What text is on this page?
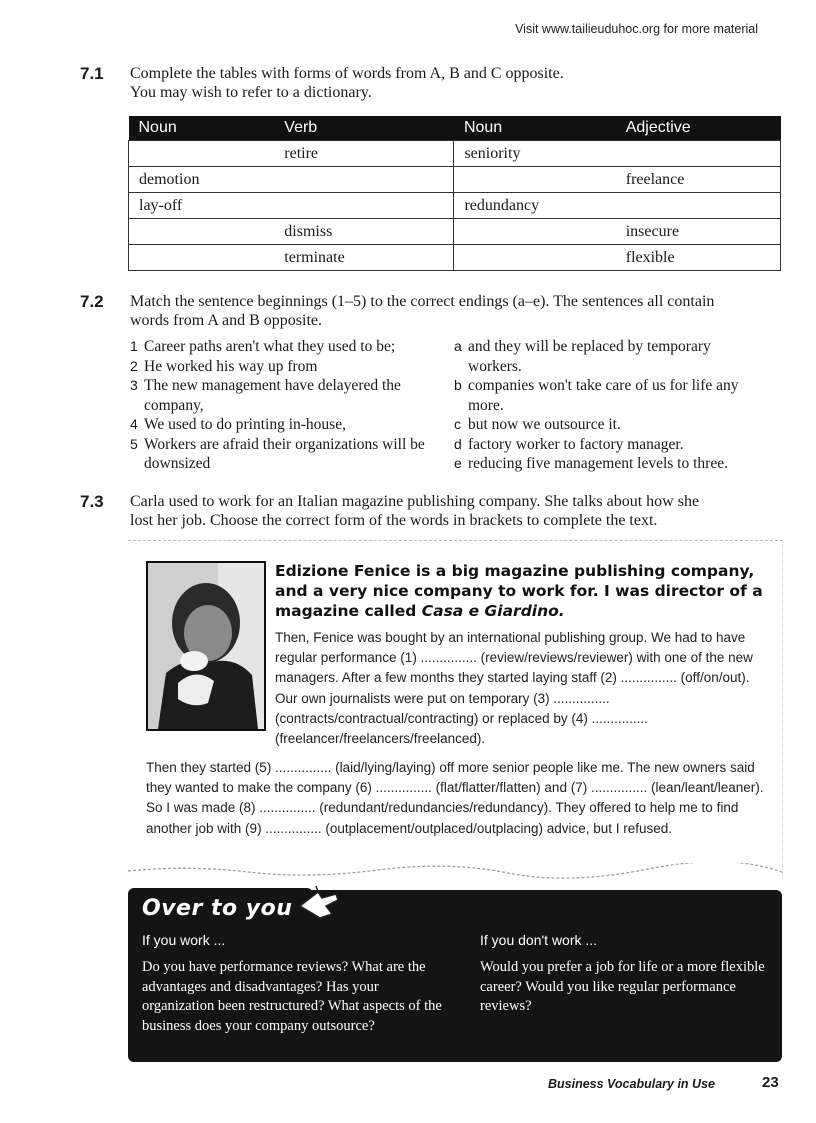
Visit www.tailieuduhoc.org for more material
7.1 Complete the tables with forms of words from A, B and C opposite.
You may wish to refer to a dictionary.
Noun	Verb	Noun	Adjective
	retire	seniority	
demotion			freelance
lay-off		redundancy	
	dismiss		insecure
	terminate		flexible
7.2 Match the sentence beginnings (1–5) to the correct endings (a–e). The sentences all contain
words from A and B opposite.
1 Career paths aren't what they used to be;
2 He worked his way up from
3 The new management have delayered the company,
4 We used to do printing in-house,
5 Workers are afraid their organizations will be downsized
a and they will be replaced by temporary workers.
b companies won't take care of us for life any more.
c but now we outsource it.
d factory worker to factory manager.
e reducing five management levels to three.
7.3 Carla used to work for an Italian magazine publishing company. She talks about how she
lost her job. Choose the correct form of the words in brackets to complete the text.
Edizione Fenice is a big magazine publishing company, and a very nice company to work for. I was director of a magazine called Casa e Giardino.
Then, Fenice was bought by an international publishing group. We had to have regular performance (1) ............... (review/reviews/reviewer) with one of the new managers. After a few months they started laying staff (2) ............... (off/on/out). Our own journalists were put on temporary (3) ............... (contracts/contractual/contracting) or replaced by (4) ............... (freelancer/freelancers/freelanced).
Then they started (5) ............... (laid/lying/laying) off more senior people like me. The new owners said they wanted to make the company (6) ............... (flat/flatter/flatten) and (7) ............... (lean/leant/leaner). So I was made (8) ............... (redundant/redundancies/redundancy). They offered to help me to find another job with (9) ............... (outplacement/outplaced/outplacing) advice, but I refused.
Over to you
If you work ...
Do you have performance reviews? What are the advantages and disadvantages? Has your organization been restructured? What aspects of the business does your company outsource?
If you don't work ...
Would you prefer a job for life or a more flexible career? Would you like regular performance reviews?
Business Vocabulary in Use	23
